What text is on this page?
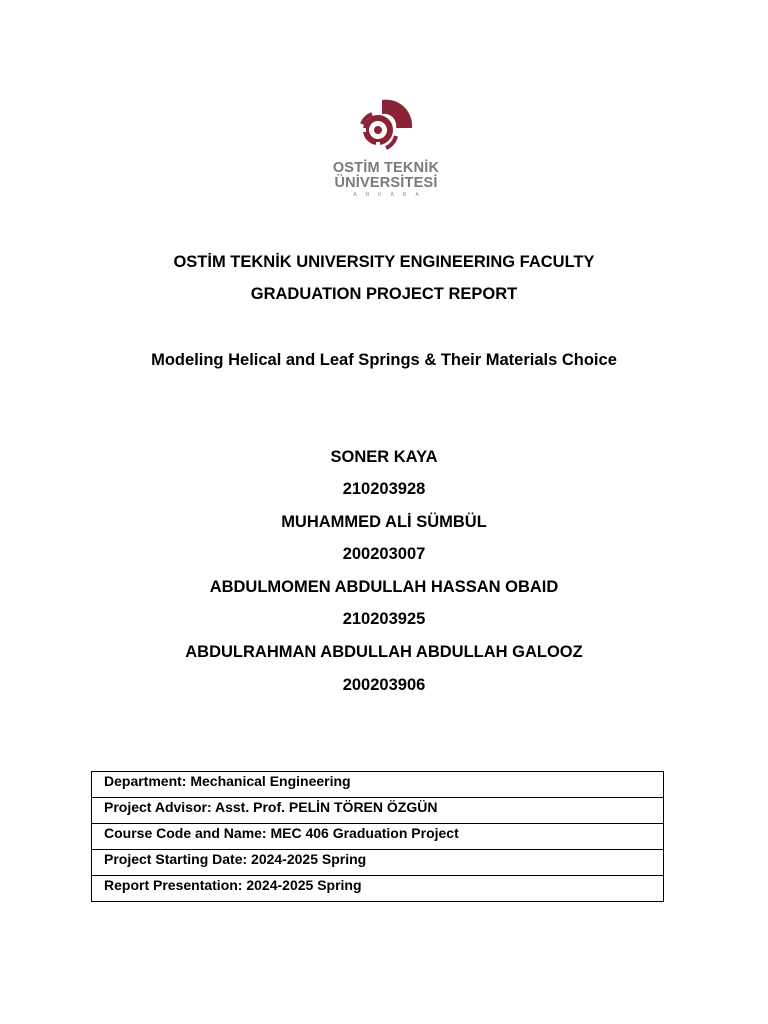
OSTİM TEKNİK
ÜNİVERSİTESİ
ANKARA
OSTİM TEKNİK UNIVERSITY ENGINEERING FACULTY
GRADUATION PROJECT REPORT
Modeling Helical and Leaf Springs & Their Materials Choice
SONER KAYA
210203928
MUHAMMED ALİ SÜMBÜL
200203007
ABDULMOMEN ABDULLAH HASSAN OBAID
210203925
ABDULRAHMAN ABDULLAH ABDULLAH GALOOZ
200203906
Department: Mechanical Engineering
Project Advisor: Asst. Prof. PELİN TÖREN ÖZGÜN
Course Code and Name: MEC 406 Graduation Project
Project Starting Date: 2024-2025 Spring
Report Presentation: 2024-2025 Spring
